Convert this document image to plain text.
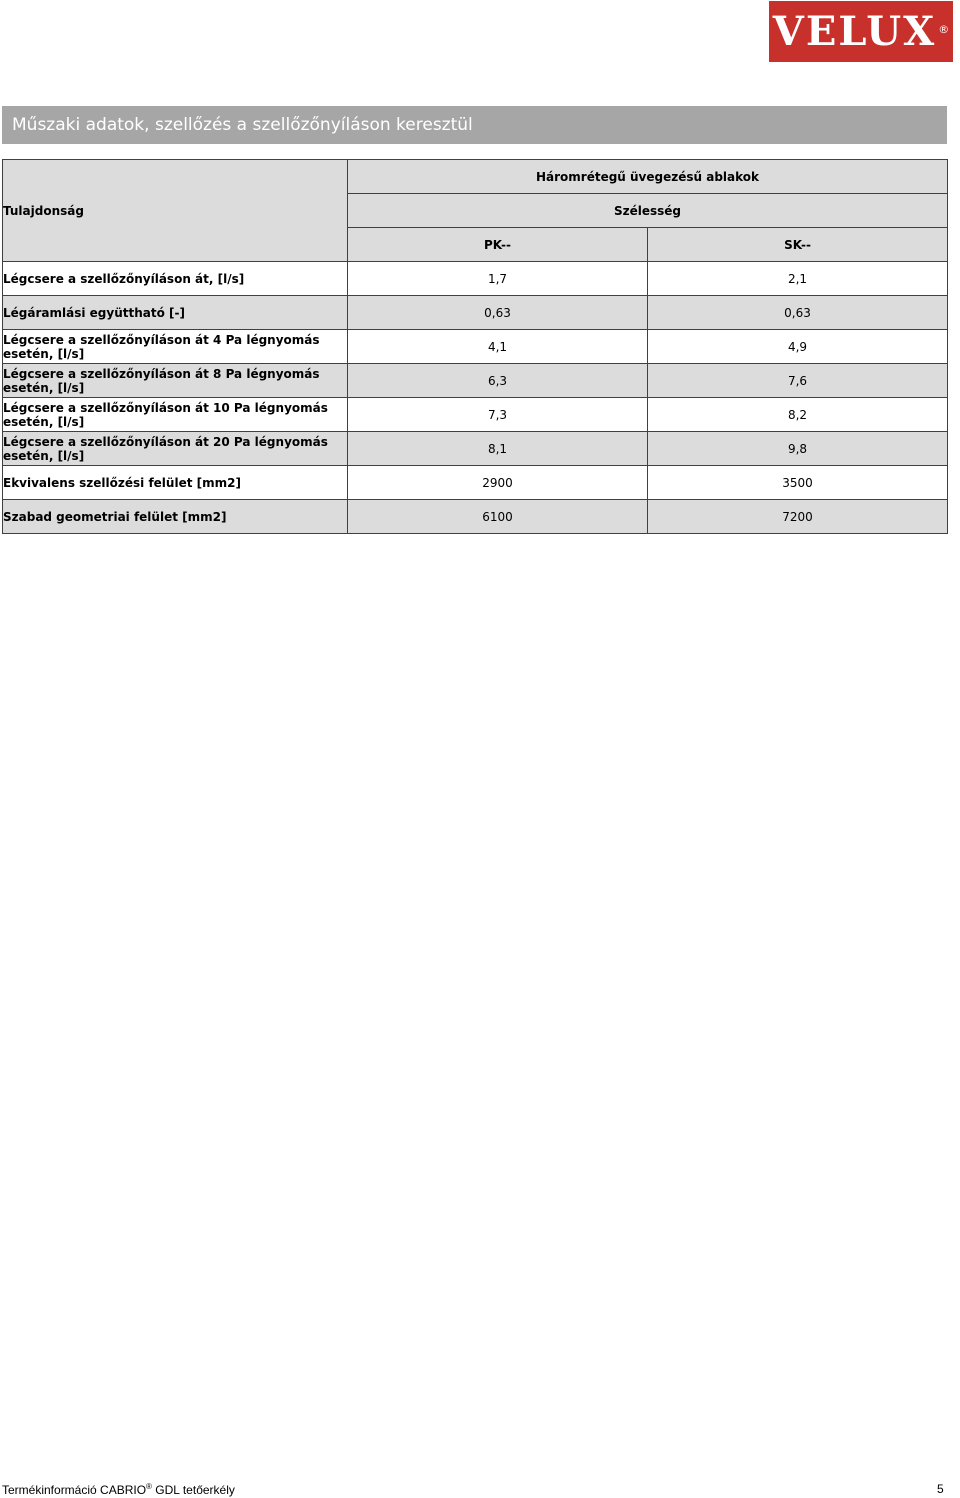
VELUX ®
Műszaki adatok, szellőzés a szellőzőnyíláson keresztül
Tulajdonság	Háromrétegű üvegezésű ablakok	
	Szélesség	
	PK--	SK--
Légcsere a szellőzőnyíláson át, [l/s]	1,7	2,1
Légáramlási együttható [-]	0,63	0,63
Légcsere a szellőzőnyíláson át 4 Pa légnyomás esetén, [l/s]	4,1	4,9
Légcsere a szellőzőnyíláson át 8 Pa légnyomás esetén, [l/s]	6,3	7,6
Légcsere a szellőzőnyíláson át 10 Pa légnyomás esetén, [l/s]	7,3	8,2
Légcsere a szellőzőnyíláson át 20 Pa légnyomás esetén, [l/s]	8,1	9,8
Ekvivalens szellőzési felület [mm2]	2900	3500
Szabad geometriai felület [mm2]	6100	7200
Termékinformáció CABRIO® GDL tetőerkély	5
